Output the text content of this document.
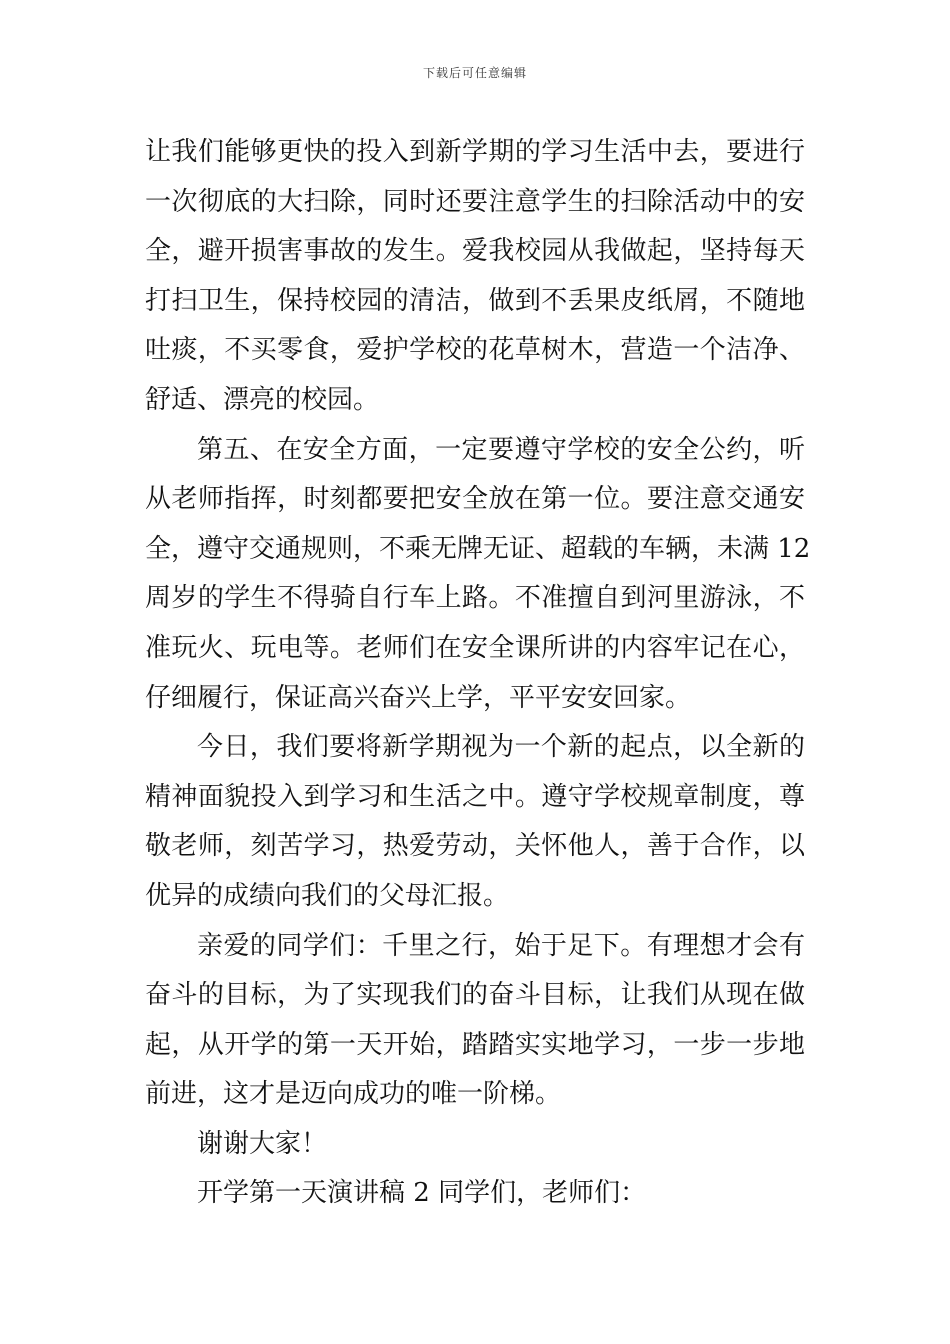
下载后可任意编辑
让我们能够更快的投入到新学期的学习生活中去，要进行
一次彻底的大扫除，同时还要注意学生的扫除活动中的安
全，避开损害事故的发生。爱我校园从我做起，坚持每天
打扫卫生，保持校园的清洁，做到不丢果皮纸屑，不随地
吐痰，不买零食，爱护学校的花草树木，营造一个洁净、
舒适、漂亮的校园。
第五、在安全方面，一定要遵守学校的安全公约，听
从老师指挥，时刻都要把安全放在第一位。要注意交通安
全，遵守交通规则，不乘无牌无证、超载的车辆，未满 12
周岁的学生不得骑自行车上路。不准擅自到河里游泳，不
准玩火、玩电等。老师们在安全课所讲的内容牢记在心，
仔细履行，保证高兴奋兴上学，平平安安回家。
今日，我们要将新学期视为一个新的起点，以全新的
精神面貌投入到学习和生活之中。遵守学校规章制度，尊
敬老师，刻苦学习，热爱劳动，关怀他人，善于合作，以
优异的成绩向我们的父母汇报。
亲爱的同学们：千里之行，始于足下。有理想才会有
奋斗的目标，为了实现我们的奋斗目标，让我们从现在做
起，从开学的第一天开始，踏踏实实地学习，一步一步地
前进，这才是迈向成功的唯一阶梯。
谢谢大家！
开学第一天演讲稿 2 同学们，老师们：
